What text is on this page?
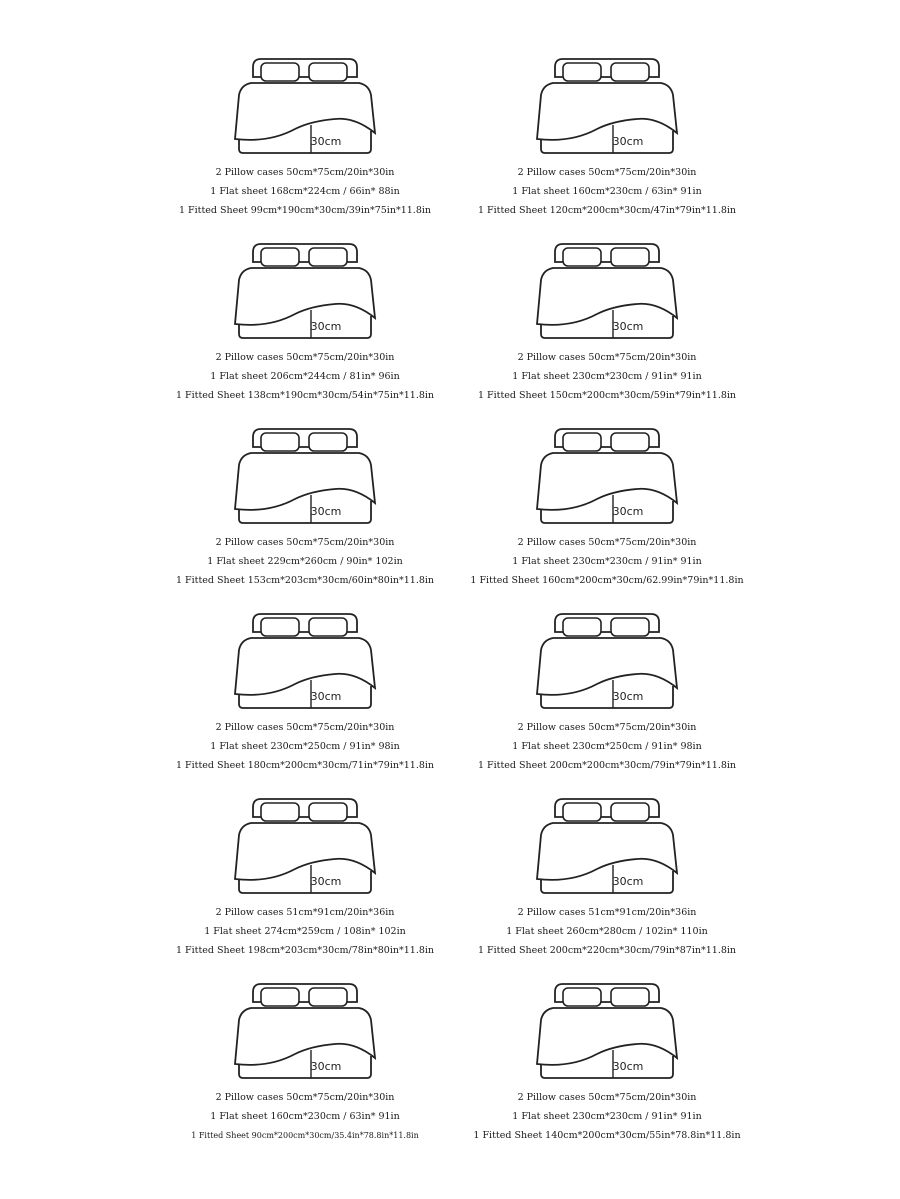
30cm
2 Pillow cases 50cm*75cm/20in*30in
1 Flat sheet 168cm*224cm / 66in* 88in
1 Fitted Sheet 99cm*190cm*30cm/39in*75in*11.8in
30cm
2 Pillow cases 50cm*75cm/20in*30in
1 Flat sheet 160cm*230cm / 63in* 91in
1 Fitted Sheet 120cm*200cm*30cm/47in*79in*11.8in
30cm
2 Pillow cases 50cm*75cm/20in*30in
1 Flat sheet 206cm*244cm / 81in* 96in
1 Fitted Sheet 138cm*190cm*30cm/54in*75in*11.8in
30cm
2 Pillow cases 50cm*75cm/20in*30in
1 Flat sheet 230cm*230cm / 91in* 91in
1 Fitted Sheet 150cm*200cm*30cm/59in*79in*11.8in
30cm
2 Pillow cases 50cm*75cm/20in*30in
1 Flat sheet 229cm*260cm / 90in* 102in
1 Fitted Sheet 153cm*203cm*30cm/60in*80in*11.8in
30cm
2 Pillow cases 50cm*75cm/20in*30in
1 Flat sheet 230cm*230cm / 91in* 91in
1 Fitted Sheet 160cm*200cm*30cm/62.99in*79in*11.8in
30cm
2 Pillow cases 50cm*75cm/20in*30in
1 Flat sheet 230cm*250cm / 91in* 98in
1 Fitted Sheet 180cm*200cm*30cm/71in*79in*11.8in
30cm
2 Pillow cases 50cm*75cm/20in*30in
1 Flat sheet 230cm*250cm / 91in* 98in
1 Fitted Sheet 200cm*200cm*30cm/79in*79in*11.8in
30cm
2 Pillow cases 51cm*91cm/20in*36in
1 Flat sheet 274cm*259cm / 108in* 102in
1 Fitted Sheet 198cm*203cm*30cm/78in*80in*11.8in
30cm
2 Pillow cases 51cm*91cm/20in*36in
1 Flat sheet 260cm*280cm / 102in* 110in
1 Fitted Sheet 200cm*220cm*30cm/79in*87in*11.8in
30cm
2 Pillow cases 50cm*75cm/20in*30in
1 Flat sheet 160cm*230cm / 63in* 91in
1 Fitted Sheet 90cm*200cm*30cm/35.4in*78.8in*11.8in
30cm
2 Pillow cases 50cm*75cm/20in*30in
1 Flat sheet 230cm*230cm / 91in* 91in
1 Fitted Sheet 140cm*200cm*30cm/55in*78.8in*11.8in
